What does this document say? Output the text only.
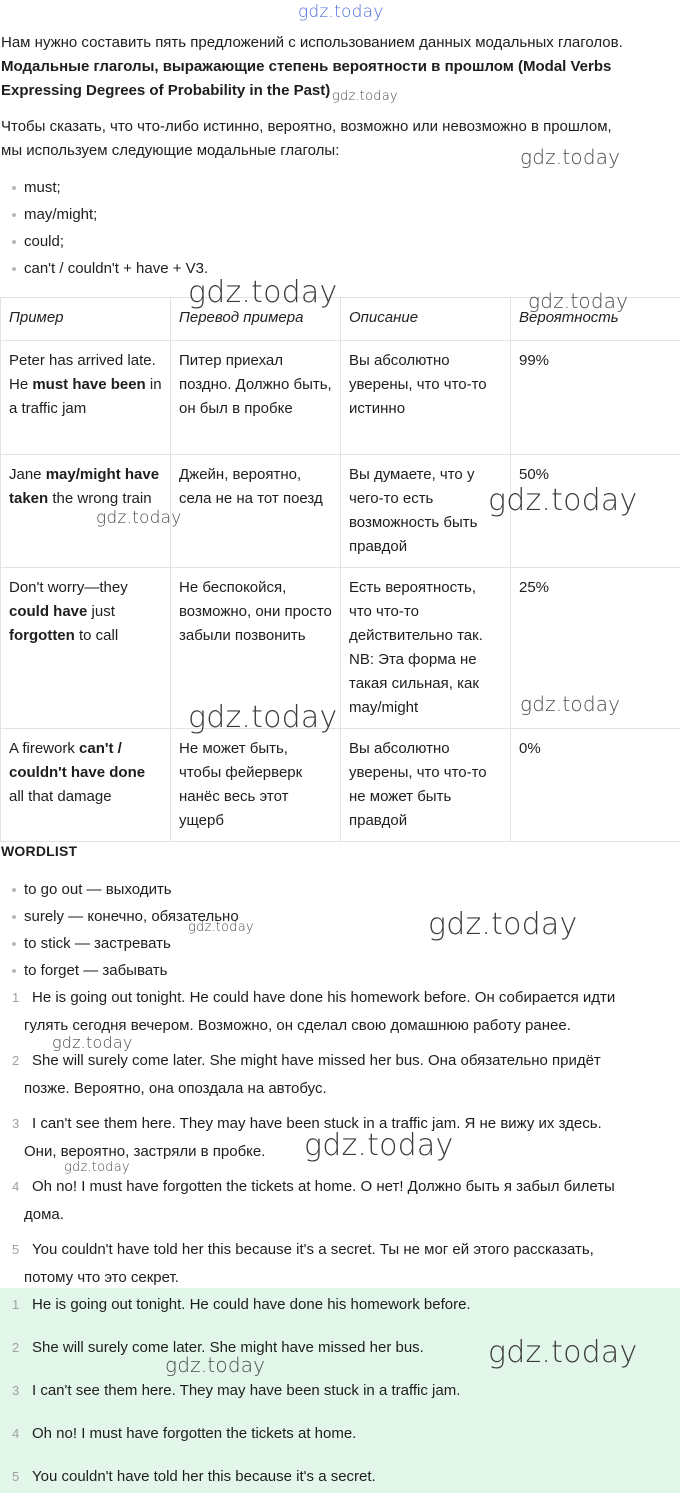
gdz.today
gdz.today
gdz.today
gdz.today	gdz.today
gdz.today
gdz.today
gdz.today	gdz.today
gdz.today
gdz.today
gdz.today
gdz.today
gdz.today
gdz.today
gdz.today
Нам нужно составить пять предложений с использованием данных модальных глаголов.
Модальные глаголы, выражающие степень вероятности в прошлом (Modal Verbs
Expressing Degrees of Probability in the Past)
Чтобы сказать, что что-либо истинно, вероятно, возможно или невозможно в прошлом,
мы используем следующие модальные глаголы:
must;
may/might;
could;
can't / couldn't + have + V3.
Пример	Перевод примера	Описание	Вероятность
Peter has arrived late. He must have been in a traffic jam	Питер приехал поздно. Должно быть, он был в пробке	Вы абсолютно уверены, что что-то истинно	99%
Jane may/might have taken the wrong train	Джейн, вероятно, села не на тот поезд	Вы думаете, что у чего-то есть возможность быть правдой	50%
Don't worry—they could have just forgotten to call	Не беспокойся, возможно, они просто забыли позвонить	Есть вероятность, что что-то действительно так. NB: Эта форма не такая сильная, как may/might	25%
A firework can't / couldn't have done all that damage	Не может быть, чтобы фейерверк нанёс весь этот ущерб	Вы абсолютно уверены, что что-то не может быть правдой	0%
WORDLIST
to go out — выходить
surely — конечно, обязательно
to stick — застревать
to forget — забывать
1 He is going out tonight. He could have done his homework before. Он собирается идти
гулять сегодня вечером. Возможно, он сделал свою домашнюю работу ранее.
2 She will surely come later. She might have missed her bus. Она обязательно придёт
позже. Вероятно, она опоздала на автобус.
3 I can't see them here. They may have been stuck in a traffic jam. Я не вижу их здесь.
Они, вероятно, застряли в пробке.
4 Oh no! I must have forgotten the tickets at home. О нет! Должно быть я забыл билеты
дома.
5 You couldn't have told her this because it's a secret. Ты не мог ей этого рассказать,
потому что это секрет.
1 He is going out tonight. He could have done his homework before.
2 She will surely come later. She might have missed her bus.
3 I can't see them here. They may have been stuck in a traffic jam.
4 Oh no! I must have forgotten the tickets at home.
5 You couldn't have told her this because it's a secret.
